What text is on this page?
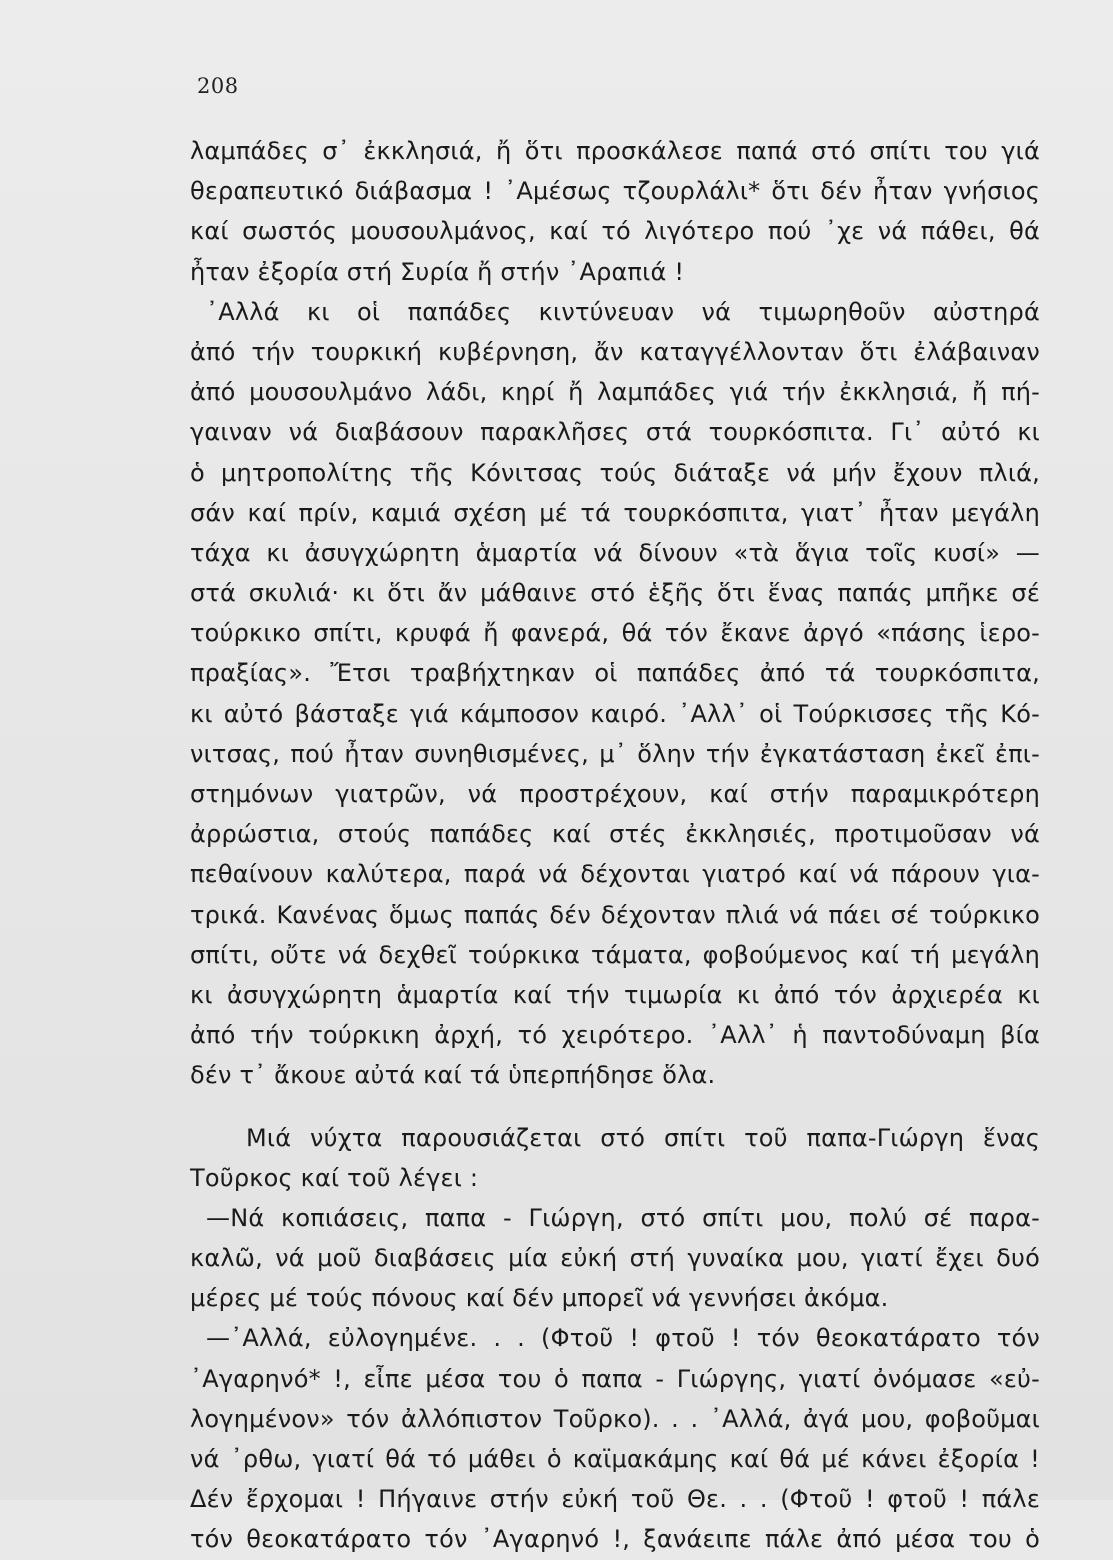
208
λαμπάδες σ᾽ ἐκκλησιά, ἤ ὅτι προσκάλεσε παπά στό σπίτι του γιά
θεραπευτικό διάβασμα ! ᾽Αμέσως τζουρλάλι* ὅτι δέν ἦταν γνήσιος
καί σωστός μουσουλμάνος, καί τό λιγότερο πού ᾽χε νά πάθει, θά
ἦταν ἐξορία στή Συρία ἤ στήν ᾽Αραπιά !
᾽Αλλά κι οἱ παπάδες κιντύνευαν νά τιμωρηθοῦν αὐστηρά
ἀπό τήν τουρκική κυβέρνηση, ἄν καταγγέλλονταν ὅτι ἐλάβαιναν
ἀπό μουσουλμάνο λάδι, κηρί ἤ λαμπάδες γιά τήν ἐκκλησιά, ἤ πή-
γαιναν νά διαβάσουν παρακλῆσες στά τουρκόσπιτα. Γι᾽ αὐτό κι
ὁ μητροπολίτης τῆς Κόνιτσας τούς διάταξε νά μήν ἔχουν πλιά,
σάν καί πρίν, καμιά σχέση μέ τά τουρκόσπιτα, γιατ᾽ ἦταν μεγάλη
τάχα κι ἀσυγχώρητη ἁμαρτία νά δίνουν «τὰ ἅγια τοῖς κυσί» —
στά σκυλιά· κι ὅτι ἄν μάθαινε στό ἑξῆς ὅτι ἕνας παπάς μπῆκε σέ
τούρκικο σπίτι, κρυφά ἤ φανερά, θά τόν ἔκανε ἀργό «πάσης ἱερο-
πραξίας». Ἔτσι τραβήχτηκαν οἱ παπάδες ἀπό τά τουρκόσπιτα,
κι αὐτό βάσταξε γιά κάμποσον καιρό. ᾽Αλλ᾽ οἱ Τούρκισσες τῆς Κό-
νιτσας, πού ἦταν συνηθισμένες, μ᾽ ὅλην τήν ἐγκατάσταση ἐκεῖ ἐπι-
στημόνων γιατρῶν, νά προστρέχουν, καί στήν παραμικρότερη
ἀρρώστια, στούς παπάδες καί στές ἐκκλησιές, προτιμοῦσαν νά
πεθαίνουν καλύτερα, παρά νά δέχονται γιατρό καί νά πάρουν για-
τρικά. Κανένας ὅμως παπάς δέν δέχονταν πλιά νά πάει σέ τούρκικο
σπίτι, οὔτε νά δεχθεῖ τούρκικα τάματα, φοβούμενος καί τή μεγάλη
κι ἀσυγχώρητη ἁμαρτία καί τήν τιμωρία κι ἀπό τόν ἀρχιερέα κι
ἀπό τήν τούρκικη ἀρχή, τό χειρότερο. ᾽Αλλ᾽ ἡ παντοδύναμη βία
δέν τ᾽ ἄκουε αὐτά καί τά ὑπερπήδησε ὅλα.
Μιά νύχτα παρουσιάζεται στό σπίτι τοῦ παπα-Γιώργη ἕνας
Τοῦρκος καί τοῦ λέγει :
—Νά κοπιάσεις, παπα - Γιώργη, στό σπίτι μου, πολύ σέ παρα-
καλῶ, νά μοῦ διαβάσεις μία εὐκή στή γυναίκα μου, γιατί ἔχει δυό
μέρες μέ τούς πόνους καί δέν μπορεῖ νά γεννήσει ἀκόμα.
—᾽Αλλά, εὐλογημένε. . . (Φτοῦ ! φτοῦ ! τόν θεοκατάρατο τόν
᾽Αγαρηνό* !, εἶπε μέσα του ὁ παπα - Γιώργης, γιατί ὀνόμασε «εὐ-
λογημένον» τόν ἀλλόπιστον Τοῦρκο). . . ᾽Αλλά, ἀγά μου, φοβοῦμαι
νά ᾽ρθω, γιατί θά τό μάθει ὁ καϊμακάμης καί θά μέ κάνει ἐξορία !
Δέν ἔρχομαι ! Πήγαινε στήν εὐκή τοῦ Θε. . . (Φτοῦ ! φτοῦ ! πάλε
τόν θεοκατάρατο τόν ᾽Αγαρηνό !, ξανάειπε πάλε ἀπό μέσα του ὁ
